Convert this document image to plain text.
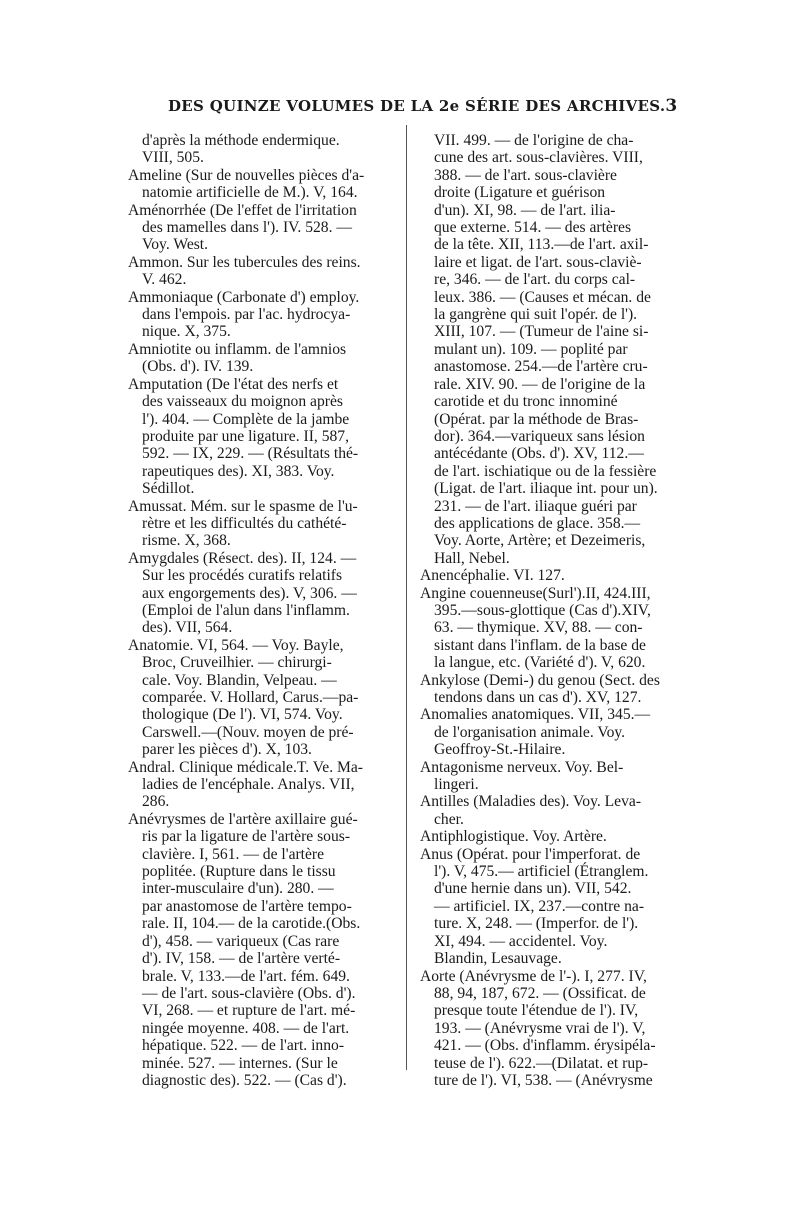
DES QUINZE VOLUMES DE LA 2e SÉRIE DES ARCHIVES. 3

d'après la méthode endermique.
VIII, 505.

Ameline (Sur de nouvelles pièces d'a-
natomie artificielle de M.). V, 164.

Aménorrhée (De l'effet de l'irritation
des mamelles dans l'). IV. 528. —
Voy. West.

Ammon. Sur les tubercules des reins.
V. 462.

Ammoniaque (Carbonate d') employ.
dans l'empois. par l'ac. hydrocya-
nique. X, 375.

Amniotite ou inflamm. de l'amnios
(Obs. d'). IV. 139.

Amputation (De l'état des nerfs et
des vaisseaux du moignon après
l'). 404. — Complète de la jambe
produite par une ligature. II, 587,
592. — IX, 229. — (Résultats thé-
rapeutiques des). XI, 383. Voy.
Sédillot.

Amussat. Mém. sur le spasme de l'u-
rètre et les difficultés du cathété-
risme. X, 368.

Amygdales (Résect. des). II, 124. —
Sur les procédés curatifs relatifs
aux engorgements des). V, 306. —
(Emploi de l'alun dans l'inflamm.
des). VII, 564.

Anatomie. VI, 564. — Voy. Bayle,
Broc, Cruveilhier. — chirurgi-
cale. Voy. Blandin, Velpeau. —
comparée. V. Hollard, Carus.—pa-
thologique (De l'). VI, 574. Voy.
Carswell.—(Nouv. moyen de pré-
parer les pièces d'). X, 103.

Andral. Clinique médicale.T. Ve. Ma-
ladies de l'encéphale. Analys. VII,
286.

Anévrysmes de l'artère axillaire gué-
ris par la ligature de l'artère sous-
clavière. I, 561. — de l'artère
poplitée. (Rupture dans le tissu
inter-musculaire d'un). 280. —
par anastomose de l'artère tempo-
rale. II, 104.— de la carotide.(Obs.
d'), 458. — variqueux (Cas rare
d'). IV, 158. — de l'artère verté-
brale. V, 133.—de l'art. fém. 649.
— de l'art. sous-clavière (Obs. d').
VI, 268. — et rupture de l'art. mé-
ningée moyenne. 408. — de l'art.
hépatique. 522. — de l'art. inno-
minée. 527. — internes. (Sur le
diagnostic des). 522. — (Cas d').

VII. 499. — de l'origine de cha-
cune des art. sous-clavières. VIII,
388. — de l'art. sous-clavière
droite (Ligature et guérison
d'un). XI, 98. — de l'art. ilia-
que externe. 514. — des artères
de la tête. XII, 113.—de l'art. axil-
laire et ligat. de l'art. sous-claviè-
re, 346. — de l'art. du corps cal-
leux. 386. — (Causes et mécan. de
la gangrène qui suit l'opér. de l').
XIII, 107. — (Tumeur de l'aine si-
mulant un). 109. — poplité par
anastomose. 254.—de l'artère cru-
rale. XIV. 90. — de l'origine de la
carotide et du tronc innominé
(Opérat. par la méthode de Bras-
dor). 364.—variqueux sans lésion
antécédante (Obs. d'). XV, 112.—
de l'art. ischiatique ou de la fessière
(Ligat. de l'art. iliaque int. pour un).
231. — de l'art. iliaque guéri par
des applications de glace. 358.—
Voy. Aorte, Artère; et Dezeimeris,
Hall, Nebel.

Anencéphalie. VI. 127.

Angine couenneuse(Surl').II, 424.III,
395.—sous-glottique (Cas d').XIV,
63. — thymique. XV, 88. — con-
sistant dans l'inflam. de la base de
la langue, etc. (Variété d'). V, 620.

Ankylose (Demi-) du genou (Sect. des
tendons dans un cas d'). XV, 127.

Anomalies anatomiques. VII, 345.—
de l'organisation animale. Voy.
Geoffroy-St.-Hilaire.

Antagonisme nerveux. Voy. Bel-
lingeri.

Antilles (Maladies des). Voy. Leva-
cher.

Antiphlogistique. Voy. Artère.

Anus (Opérat. pour l'imperforat. de
l'). V, 475.— artificiel (Étranglem.
d'une hernie dans un). VII, 542.
— artificiel. IX, 237.—contre na-
ture. X, 248. — (Imperfor. de l').
XI, 494. — accidentel. Voy.
Blandin, Lesauvage.

Aorte (Anévrysme de l'-). I, 277. IV,
88, 94, 187, 672. — (Ossificat. de
presque toute l'étendue de l'). IV,
193. — (Anévrysme vrai de l'). V,
421. — (Obs. d'inflamm. érysipéla-
teuse de l'). 622.—(Dilatat. et rup-
ture de l'). VI, 538. — (Anévrysme
